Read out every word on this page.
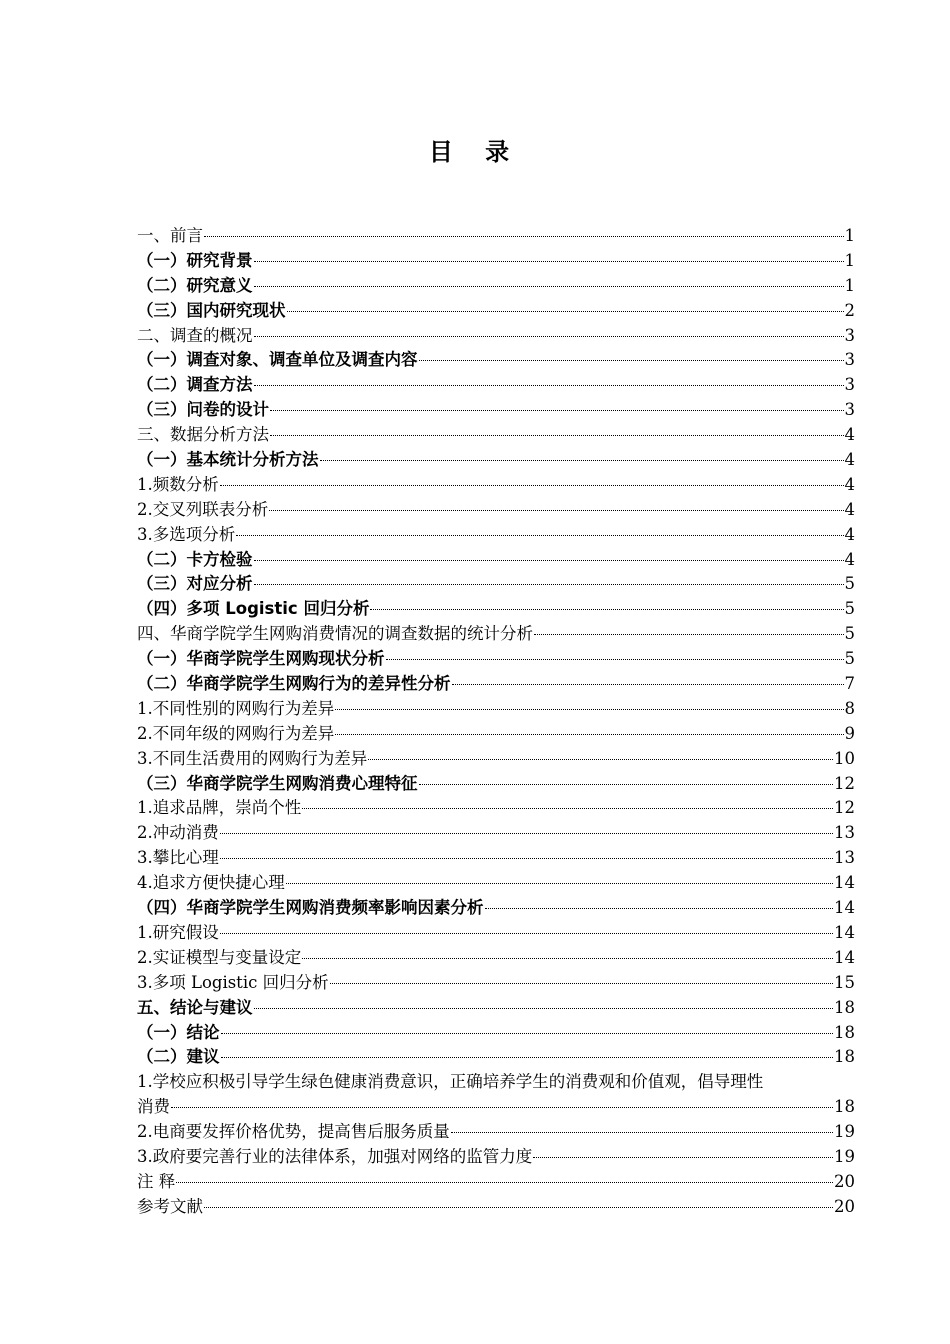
目 录
一、前言	1
（一）研究背景	1
（二）研究意义	1
（三）国内研究现状	2
二、调查的概况	3
（一）调查对象、调查单位及调查内容	3
（二）调查方法	3
（三）问卷的设计	3
三、数据分析方法	4
（一）基本统计分析方法	4
1.频数分析	4
2.交叉列联表分析	4
3.多选项分析	4
（二）卡方检验	4
（三）对应分析	5
（四）多项 Logistic 回归分析	5
四、华商学院学生网购消费情况的调查数据的统计分析	5
（一）华商学院学生网购现状分析	5
（二）华商学院学生网购行为的差异性分析	7
1.不同性别的网购行为差异	8
2.不同年级的网购行为差异	9
3.不同生活费用的网购行为差异	10
（三）华商学院学生网购消费心理特征	12
1.追求品牌，崇尚个性	12
2.冲动消费	13
3.攀比心理	13
4.追求方便快捷心理	14
（四）华商学院学生网购消费频率影响因素分析	14
1.研究假设	14
2.实证模型与变量设定	14
3.多项 Logistic 回归分析	15
五、结论与建议	18
（一）结论	18
（二）建议	18
1.学校应积极引导学生绿色健康消费意识，正确培养学生的消费观和价值观，倡导理性
消费	18
2.电商要发挥价格优势，提高售后服务质量	19
3.政府要完善行业的法律体系，加强对网络的监管力度	19
注 释	20
参考文献	20
